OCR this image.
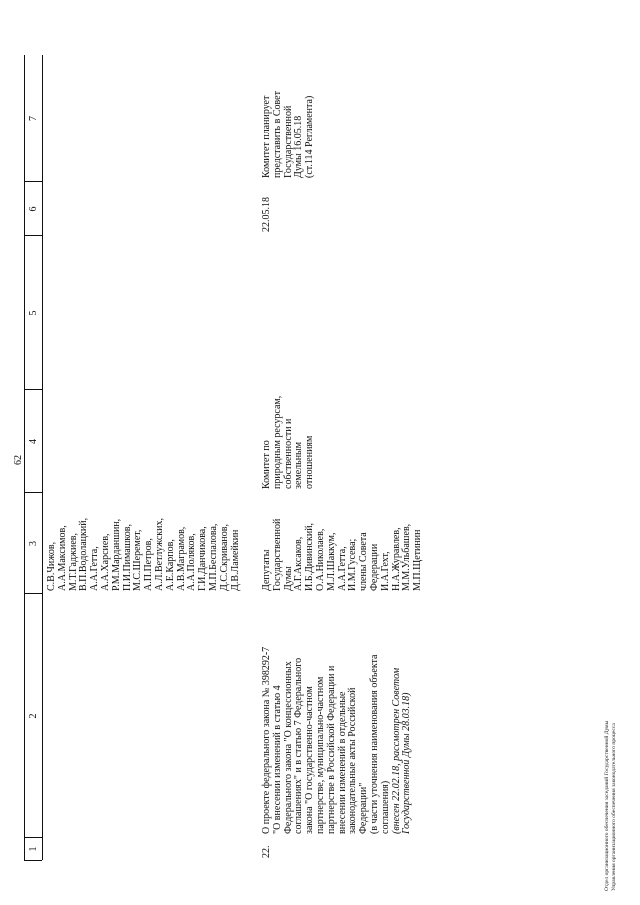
62
1
2
3
4
5
6
7
С.В.Чижов, А.А.Максимов, М.Т.Гаджиев, В.П.Водолацкий, А.А.Гетта, А.А.Харсиев, Р.М.Марданшин, П.И.Пимашков, М.С.Шеремет, А.П.Петров, А.Л.Ветлужских, А.Е.Карпов, А.В.Маграмов, А.А.Поляков, Г.И.Данчикова, М.П.Беспалова, Д.С.Скриванов, Д.В.Ламейкин
22.
О проекте федерального закона № 398292-7 "О внесении изменений в статью 4 Федерального закона "О концессионных соглашениях" и в статью 7 Федерального закона "О государственно-частном партнерстве, муниципально-частном партнерстве в Российской Федерации и внесении изменений в отдельные законодательные акты Российской Федерации" (в части уточнения наименования объекта соглашения) (внесен 22.02.18, рассмотрен Советом Государственной Думы 28.03.18)
Депутаты Государственной Думы А.Г.Аксаков, И.Б.Дивинский, О.А.Николаев, М.Л.Шаккум, А.А.Гетта, И.М.Гусева; члены Совета Федерации И.А.Гехт, Н.А.Журавлев, М.М.Ульбашев, М.П.Щетинин
Комитет по природным ресурсам, собственности и земельным отношениям
22.05.18
Комитет планирует представить в Совет Государственной Думы 16.05.18 (ст.114 Регламента)
Отдел организационного обеспечения заседаний Государственной Думы Управления организационного обеспечения законодательного процесса
